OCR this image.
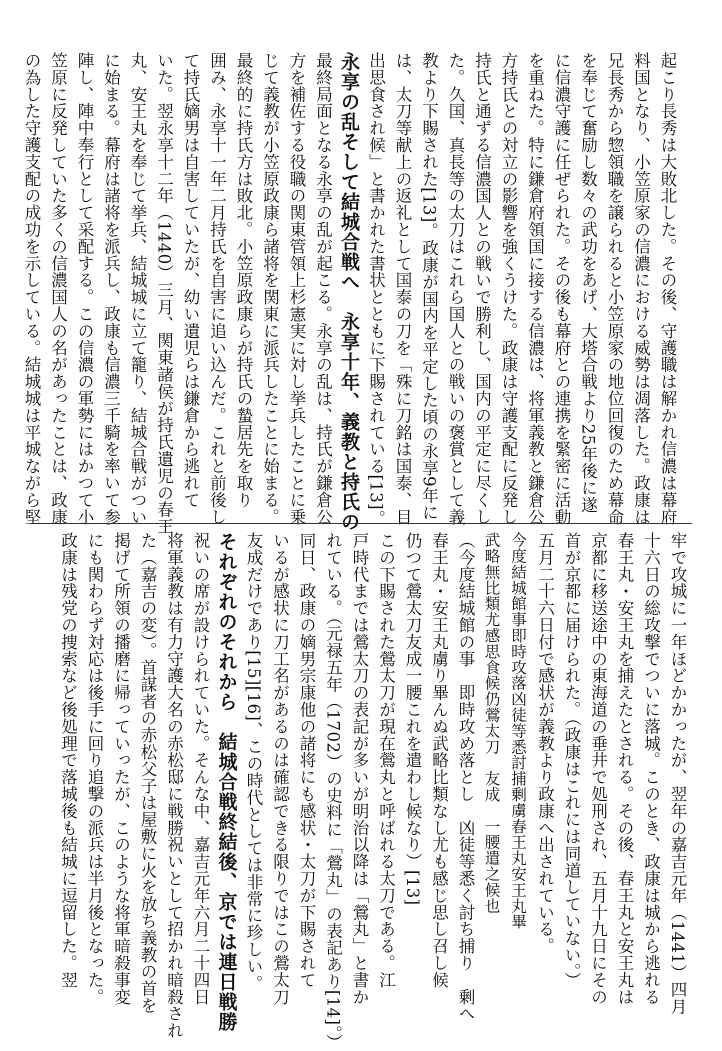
起こり長秀は大敗北した。その後、守護職は解かれ信濃は幕府
料国となり、小笠原家の信濃における威勢は凋落した。政康は
兄長秀から惣領職を譲られると小笠原家の地位回復のため幕命
を奉じて奮励し数々の武功をあげ、大塔合戦より25年後に遂
に信濃守護に任ぜられた。その後も幕府との連携を緊密に活動
を重ねた。特に鎌倉府領国に接する信濃は、将軍義教と鎌倉公
方持氏との対立の影響を強くうけた。政康は守護支配に反発し
持氏と通ずる信濃国人との戦いで勝利し、国内の平定に尽くし
た。久国、真長等の太刀はこれら国人との戦いの褒賞として義
教より下賜された[13]。政康が国内を平定した頃の永享9年に
は、太刀等献上の返礼として国泰の刀を「殊に刀銘は国泰、目
出思食され候」と書かれた書状とともに下賜されている[13]。
永享の乱そして結城合戦へ　永享十年、義教と持氏の
最終局面となる永享の乱が起こる。永享の乱は、持氏が鎌倉公
方を補佐する役職の関東管領上杉憲実に対し挙兵したことに乗
じて義教が小笠原政康ら諸将を関東に派兵したことに始まる。
最終的に持氏方は敗北。小笠原政康らが持氏の蟄居先を取り
囲み、永享十一年二月持氏を自害に追い込んだ。これと前後し
て持氏嫡男は自害していたが、幼い遺児らは鎌倉から逃れて
いた。翌永享十二年（1440）三月、関東諸侯が持氏遺児の春王
丸、安王丸を奉じて挙兵、結城城に立て籠り、結城合戦がつい
に始まる。幕府は諸将を派兵し、政康も信濃三千騎を率いて参
陣し、陣中奉行として采配する。この信濃の軍勢にはかつて小
笠原に反発していた多くの信濃国人の名があったことは、政康
の為した守護支配の成功を示している。結城城は平城ながら堅
牢で攻城に一年ほどかかったが、翌年の嘉吉元年（1441）四月
十六日の総攻撃でついに落城。このとき、政康は城から逃れる
春王丸・安王丸を捕えたとされる。その後、春王丸と安王丸は
京都に移送途中の東海道の垂井で処刑され、五月十九日にその
首が京都に届けられた。（政康はこれには同道していない。）
五月二十六日付で感状が義教より政康へ出されている。
今度結城館事即時攻落凶徒等悉討捕剰虜春王丸安王丸畢
武略無比類尤感思食候仍鶯太刀　友成　一腰遣之候也
（今度結城館の事　即時攻め落とし　凶徒等悉く討ち捕り　剰へ
春王丸・安王丸虜り畢んぬ武略比類なし尤も感じ思し召し候
仍つて鶯太刀友成一腰これを遣わし候なり）[13]
この下賜された鶯太刀が現在鶯丸と呼ばれる太刀である。江
戸時代までは鶯太刀の表記が多いが明治以降は「鶯丸」と書か
れている。（元禄五年（1702）の史料に「鶯丸」の表記あり[14]。）
同日、政康の嫡男宗康他の諸将にも感状・太刀が下賜されて
いるが感状に刀工名があるのは確認できる限りではこの鶯太刀
友成だけであり[15][16]、この時代としては非常に珍しい。
それぞれのそれから　結城合戦終結後、京では連日戦勝
祝いの席が設けられていた。そんな中、嘉吉元年六月二十四日
将軍義教は有力守護大名の赤松邸に戦勝祝いとして招かれ暗殺され
た（嘉吉の変）。首謀者の赤松父子は屋敷に火を放ち義教の首を
掲げて所領の播磨に帰っていったが、このような将軍暗殺事変
にも関わらず対応は後手に回り追撃の派兵は半月後となった。
政康は残党の捜索など後処理で落城後も結城に逗留した。翌
